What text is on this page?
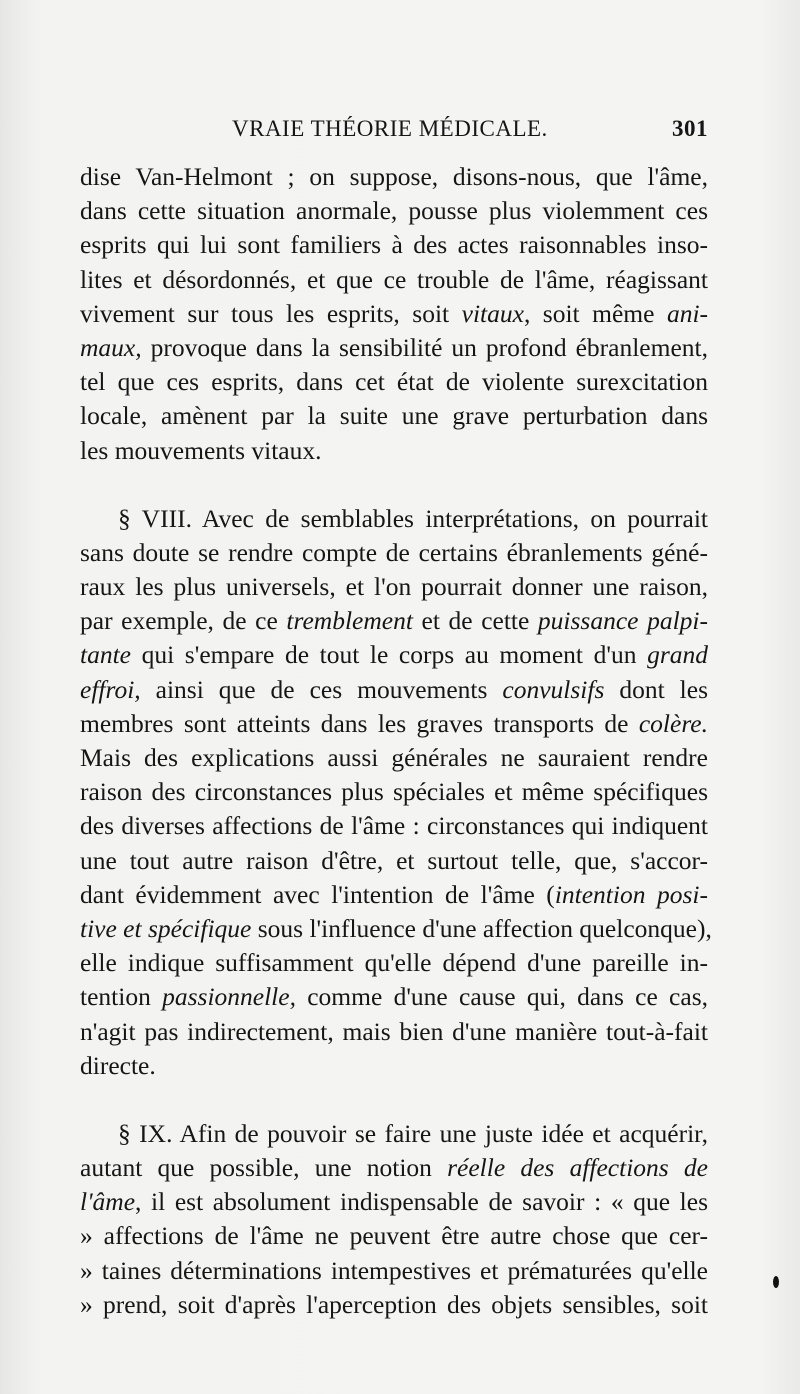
VRAIE THÉORIE MÉDICALE.	301
dise Van-Helmont ; on suppose, disons-nous, que l'âme,
dans cette situation anormale, pousse plus violemment ces
esprits qui lui sont familiers à des actes raisonnables inso-
lites et désordonnés, et que ce trouble de l'âme, réagissant
vivement sur tous les esprits, soit vitaux, soit même ani-
maux, provoque dans la sensibilité un profond ébranlement,
tel que ces esprits, dans cet état de violente surexcitation
locale, amènent par la suite une grave perturbation dans
les mouvements vitaux.
§ VIII. Avec de semblables interprétations, on pourrait
sans doute se rendre compte de certains ébranlements géné-
raux les plus universels, et l'on pourrait donner une raison,
par exemple, de ce tremblement et de cette puissance palpi-
tante qui s'empare de tout le corps au moment d'un grand
effroi, ainsi que de ces mouvements convulsifs dont les
membres sont atteints dans les graves transports de colère.
Mais des explications aussi générales ne sauraient rendre
raison des circonstances plus spéciales et même spécifiques
des diverses affections de l'âme : circonstances qui indiquent
une tout autre raison d'être, et surtout telle, que, s'accor-
dant évidemment avec l'intention de l'âme (intention posi-
tive et spécifique sous l'influence d'une affection quelconque),
elle indique suffisamment qu'elle dépend d'une pareille in-
tention passionnelle, comme d'une cause qui, dans ce cas,
n'agit pas indirectement, mais bien d'une manière tout-à-fait
directe.
§ IX. Afin de pouvoir se faire une juste idée et acquérir,
autant que possible, une notion réelle des affections de
l'âme, il est absolument indispensable de savoir : « que les
» affections de l'âme ne peuvent être autre chose que cer-
» taines déterminations intempestives et prématurées qu'elle
» prend, soit d'après l'aperception des objets sensibles, soit
